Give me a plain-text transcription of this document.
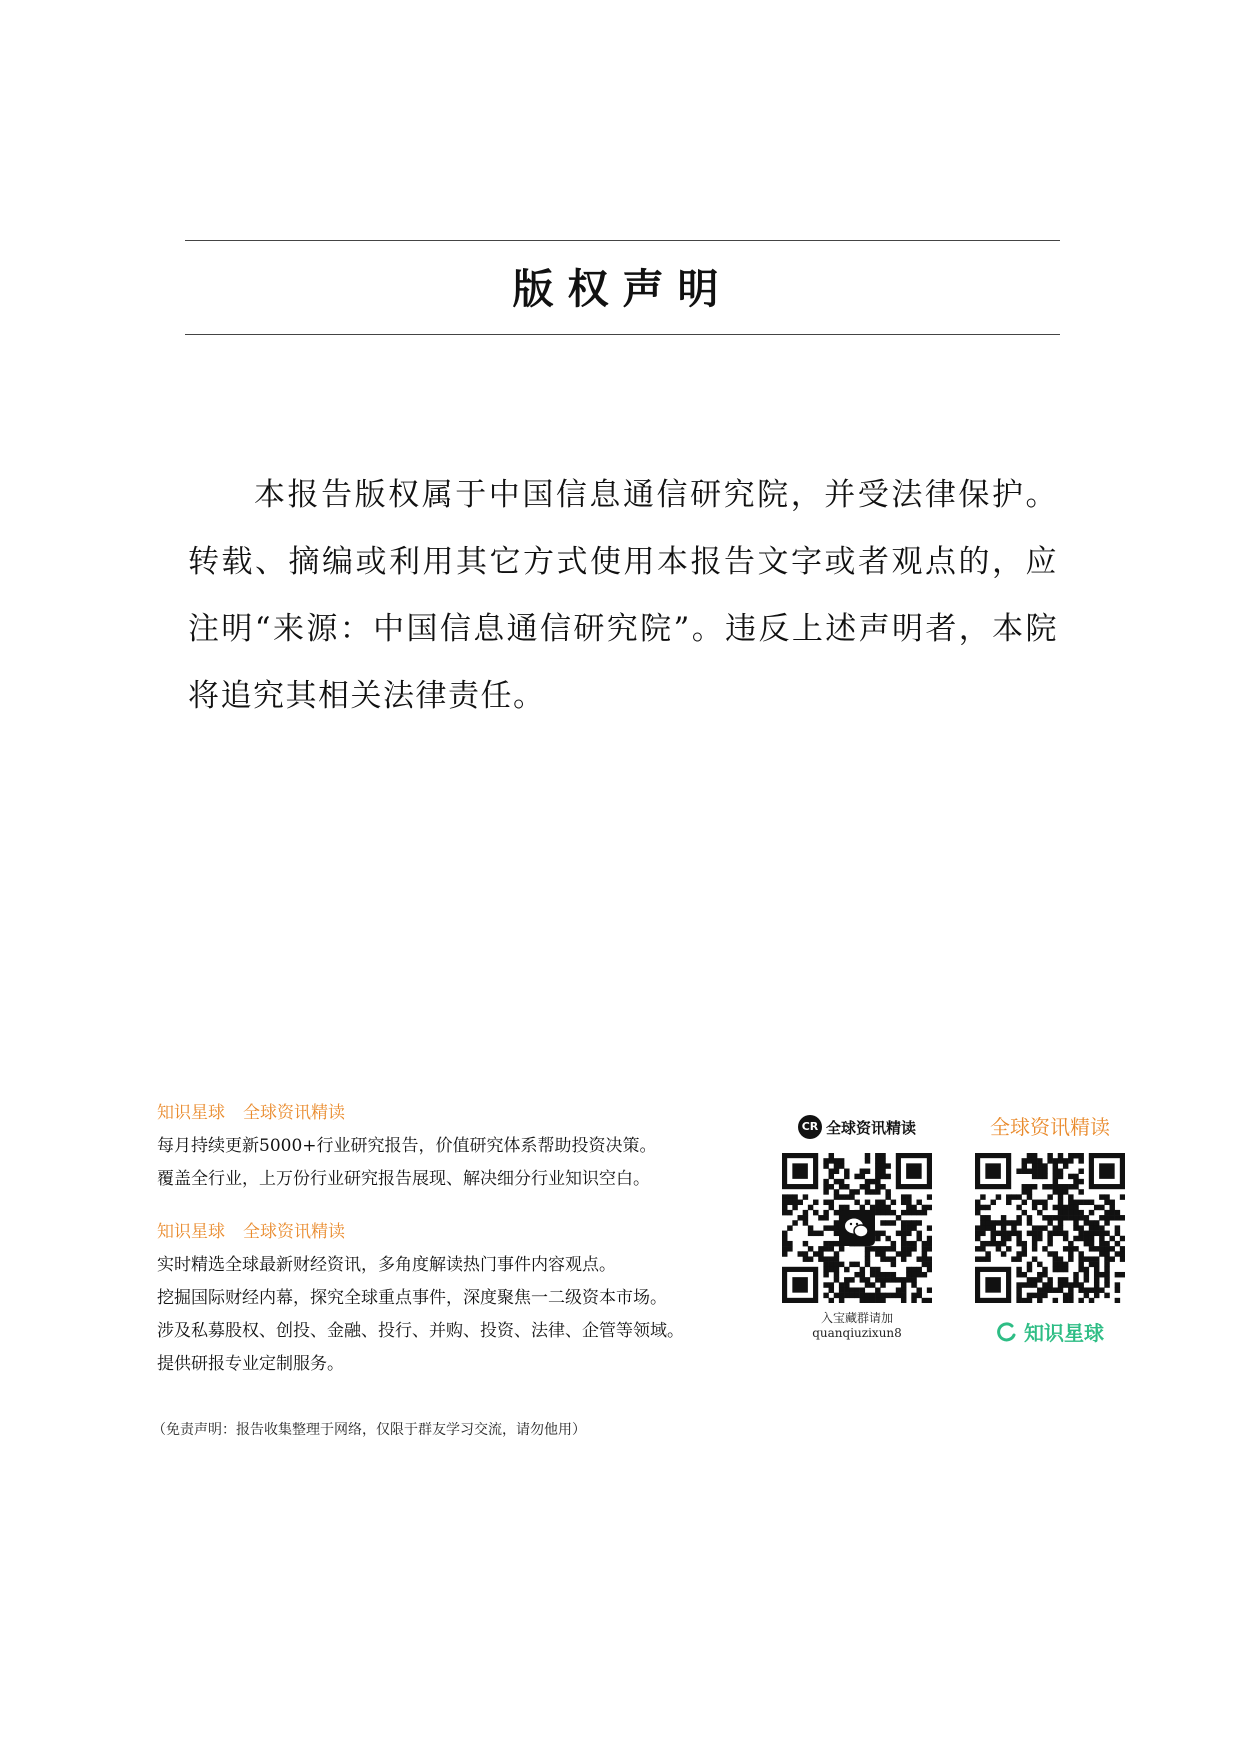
版权声明

本报告版权属于中国信息通信研究院，并受法律保护。转载、摘编或利用其它方式使用本报告文字或者观点的，应注明“来源：中国信息通信研究院”。违反上述声明者，本院将追究其相关法律责任。

知识星球 全球资讯精读
每月持续更新5000+行业研究报告，价值研究体系帮助投资决策。
覆盖全行业，上万份行业研究报告展现、解决细分行业知识空白。
知识星球 全球资讯精读
实时精选全球最新财经资讯，多角度解读热门事件内容观点。
挖掘国际财经内幕，探究全球重点事件，深度聚焦一二级资本市场。
涉及私募股权、创投、金融、投行、并购、投资、法律、企管等领域。
提供研报专业定制服务。
（免责声明：报告收集整理于网络，仅限于群友学习交流，请勿他用）
CR 全球资讯精读
入宝藏群请加
quanqiuzixun8
全球资讯精读
知识星球
